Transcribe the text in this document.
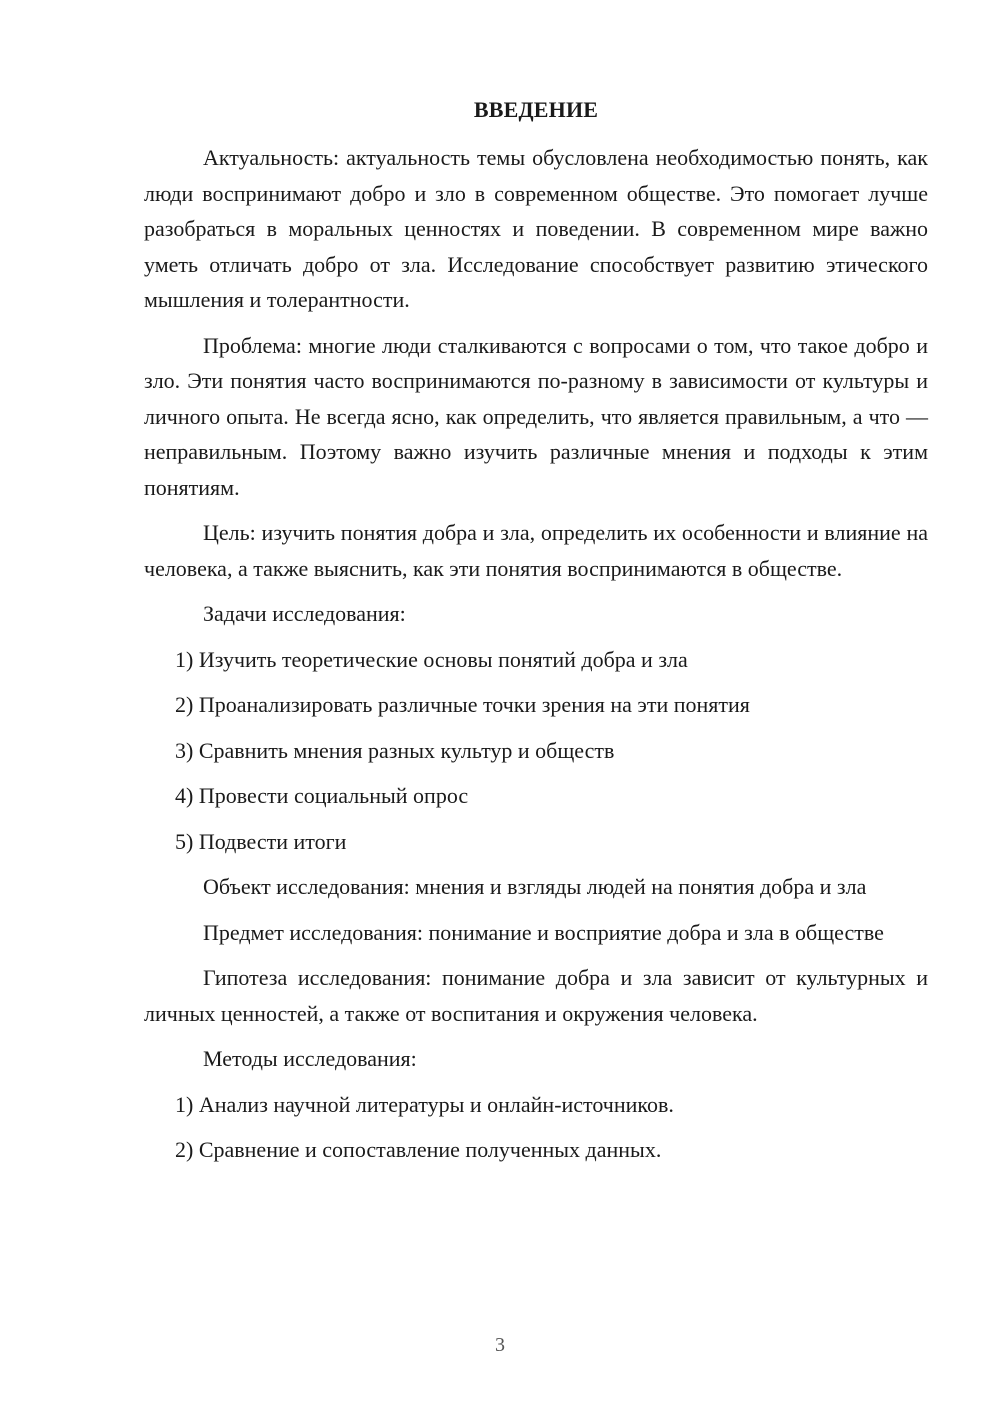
ВВЕДЕНИЕ

Актуальность: актуальность темы обусловлена необходимостью понять, как люди воспринимают добро и зло в современном обществе. Это помогает лучше разобраться в моральных ценностях и поведении. В современном мире важно уметь отличать добро от зла. Исследование способствует развитию этического мышления и толерантности.

Проблема: многие люди сталкиваются с вопросами о том, что такое добро и зло. Эти понятия часто воспринимаются по-разному в зависимости от культуры и личного опыта. Не всегда ясно, как определить, что является правильным, а что — неправильным. Поэтому важно изучить различные мнения и подходы к этим понятиям.

Цель: изучить понятия добра и зла, определить их особенности и влияние на человека, а также выяснить, как эти понятия воспринимаются в обществе.

Задачи исследования:

1) Изучить теоретические основы понятий добра и зла
2) Проанализировать различные точки зрения на эти понятия
3) Сравнить мнения разных культур и обществ
4) Провести социальный опрос
5) Подвести итоги

Объект исследования: мнения и взгляды людей на понятия добра и зла

Предмет исследования: понимание и восприятие добра и зла в обществе

Гипотеза исследования: понимание добра и зла зависит от культурных и личных ценностей, а также от воспитания и окружения человека.

Методы исследования:

1) Анализ научной литературы и онлайн-источников.
2) Сравнение и сопоставление полученных данных.
3
